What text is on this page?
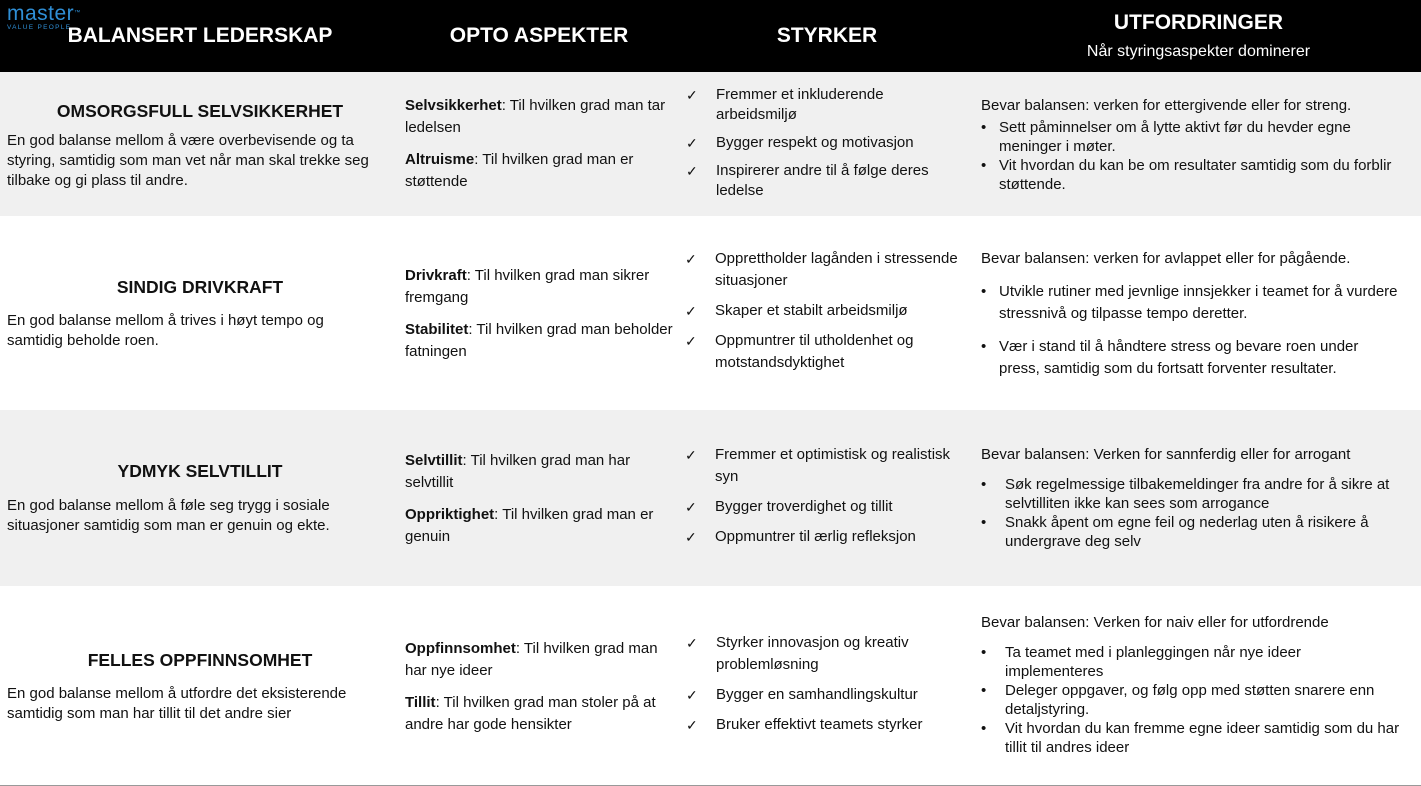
master™
VALUE PEOPLE
BALANSERT LEDERSKAP	OPTO ASPEKTER	STYRKER
UTFORDRINGER
Når styringsaspekter dominerer
OMSORGSFULL SELVSIKKERHET
En god balanse mellom å være overbevisende og ta styring, samtidig som man vet når man skal trekke seg tilbake og gi plass til andre.

Selvsikkerhet: Til hvilken grad man tar ledelsen

Altruisme: Til hvilken grad man er støttende

✓ Fremmer et inkluderende arbeidsmiljø
✓ Bygger respekt og motivasjon
✓ Inspirerer andre til å følge deres ledelse
Bevar balansen: verken for ettergivende eller for streng.
• Sett påminnelser om å lytte aktivt før du hevder egne meninger i møter.
• Vit hvordan du kan be om resultater samtidig som du forblir støttende.
SINDIG DRIVKRAFT
En god balanse mellom å trives i høyt tempo og samtidig beholde roen.

Drivkraft: Til hvilken grad man sikrer fremgang

Stabilitet: Til hvilken grad man beholder fatningen

✓ Opprettholder lagånden i stressende situasjoner
✓ Skaper et stabilt arbeidsmiljø
✓ Oppmuntrer til utholdenhet og motstandsdyktighet
Bevar balansen: verken for avlappet eller for pågående.
• Utvikle rutiner med jevnlige innsjekker i teamet for å vurdere stressnivå og tilpasse tempo deretter.
• Vær i stand til å håndtere stress og bevare roen under press, samtidig som du fortsatt forventer resultater.
YDMYK SELVTILLIT
En god balanse mellom å føle seg trygg i sosiale situasjoner samtidig som man er genuin og ekte.

Selvtillit: Til hvilken grad man har selvtillit

Oppriktighet: Til hvilken grad man er genuin

✓ Fremmer et optimistisk og realistisk syn
✓ Bygger troverdighet og tillit
✓ Oppmuntrer til ærlig refleksjon
Bevar balansen: Verken for sannferdig eller for arrogant
• Søk regelmessige tilbakemeldinger fra andre for å sikre at selvtilliten ikke kan sees som arrogance
• Snakk åpent om egne feil og nederlag uten å risikere å undergrave deg selv
FELLES OPPFINNSOMHET
En god balanse mellom å utfordre det eksisterende samtidig som man har tillit til det andre sier

Oppfinnsomhet: Til hvilken grad man har nye ideer

Tillit: Til hvilken grad man stoler på at andre har gode hensikter

✓ Styrker innovasjon og kreativ problemløsning
✓ Bygger en samhandlingskultur
✓ Bruker effektivt teamets styrker
Bevar balansen: Verken for naiv eller for utfordrende
• Ta teamet med i planleggingen når nye ideer implementeres
• Deleger oppgaver, og følg opp med støtten snarere enn detaljstyring.
• Vit hvordan du kan fremme egne ideer samtidig som du har tillit til andres ideer
